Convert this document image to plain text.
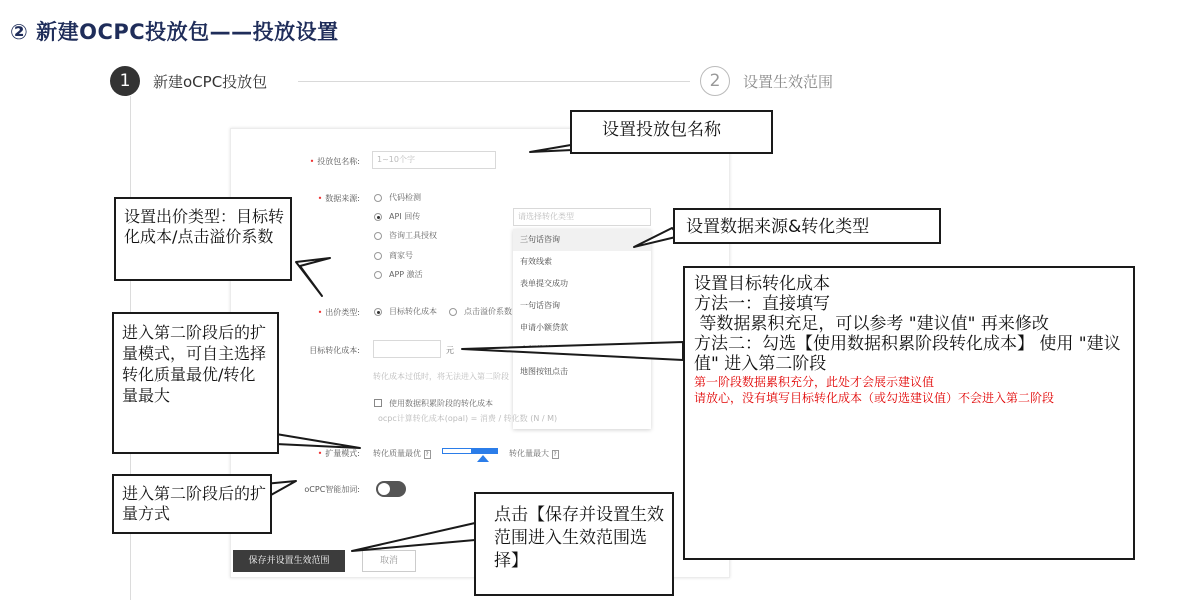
② 新建OCPC投放包——投放设置
1	新建oCPC投放包	2	设置生效范围
• 投放包名称:	1~10个字
• 数据来源:	代码检测
API 回传
咨询工具授权
商家号
APP 激活
请选择转化类型
三句话咨询
有效线索
表单提交成功
一句话咨询
申请小额贷款
地图按钮点击
• 出价类型:	目标转化成本	点击溢价系数
目标转化成本:	元
转化成本过低时，将无法进入第二阶段
使用数据积累阶段的转化成本
ocpc计算转化成本(opal) = 消费 / 转化数 (N / M)
• 扩量模式: 转化质量最优 ?	转化量最大 ?
oCPC智能加词:
保存并设置生效范围	取消
设置投放包名称
设置数据来源&转化类型
设置出价类型：目标转化成本/点击溢价系数
设置目标转化成本
方法一：直接填写
等数据累积充足，可以参考 "建议值" 再来修改
方法二：勾选【使用数据积累阶段转化成本】 使用 "建议值" 进入第二阶段
第一阶段数据累积充分，此处才会展示建议值
请放心，没有填写目标转化成本（或勾选建议值）不会进入第二阶段
进入第二阶段后的扩量模式，可自主选择转化质量最优/转化量最大
进入第二阶段后的扩量方式	点击【保存并设置生效范围进入生效范围选择】
